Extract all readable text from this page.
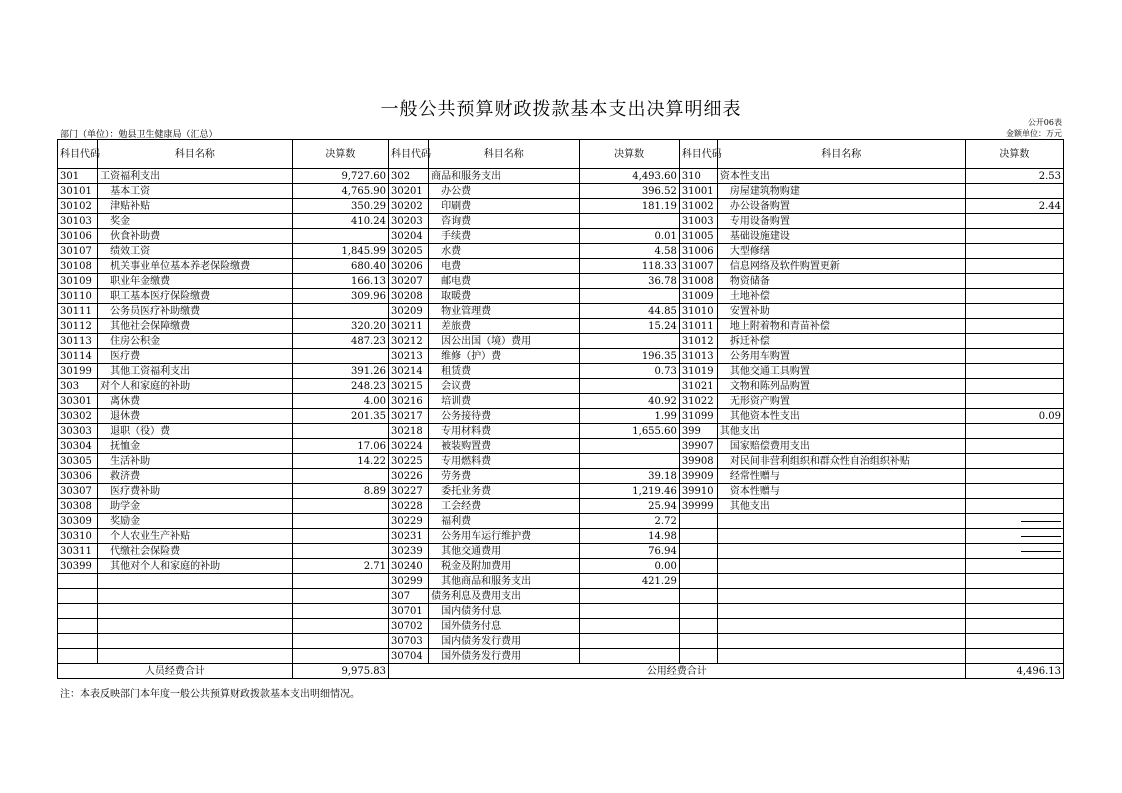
一般公共预算财政拨款基本支出决算明细表
公开06表
部门（单位）：勉县卫生健康局（汇总）	金额单位：万元
科目代码	科目名称	决算数	科目代码	科目名称	决算数	科目代码	科目名称	决算数
301	工资福利支出	9,727.60	302	商品和服务支出	4,493.60	310	资本性支出	2.53
30101	基本工资	4,765.90	30201	办公费	396.52	31001	房屋建筑物购建	
30102	津贴补贴	350.29	30202	印刷费	181.19	31002	办公设备购置	2.44
30103	奖金	410.24	30203	咨询费		31003	专用设备购置	
30106	伙食补助费		30204	手续费	0.01	31005	基础设施建设	
30107	绩效工资	1,845.99	30205	水费	4.58	31006	大型修缮	
30108	机关事业单位基本养老保险缴费	680.40	30206	电费	118.33	31007	信息网络及软件购置更新	
30109	职业年金缴费	166.13	30207	邮电费	36.78	31008	物资储备	
30110	职工基本医疗保险缴费	309.96	30208	取暖费		31009	土地补偿	
30111	公务员医疗补助缴费		30209	物业管理费	44.85	31010	安置补助	
30112	其他社会保障缴费	320.20	30211	差旅费	15.24	31011	地上附着物和青苗补偿	
30113	住房公积金	487.23	30212	因公出国（境）费用		31012	拆迁补偿	
30114	医疗费		30213	维修（护）费	196.35	31013	公务用车购置	
30199	其他工资福利支出	391.26	30214	租赁费	0.73	31019	其他交通工具购置	
303	对个人和家庭的补助	248.23	30215	会议费		31021	文物和陈列品购置	
30301	离休费	4.00	30216	培训费	40.92	31022	无形资产购置	
30302	退休费	201.35	30217	公务接待费	1.99	31099	其他资本性支出	0.09
30303	退职（役）费		30218	专用材料费	1,655.60	399	其他支出	
30304	抚恤金	17.06	30224	被装购置费		39907	国家赔偿费用支出	
30305	生活补助	14.22	30225	专用燃料费		39908	对民间非营利组织和群众性自治组织补贴	
30306	救济费		30226	劳务费	39.18	39909	经常性赠与	
30307	医疗费补助	8.89	30227	委托业务费	1,219.46	39910	资本性赠与	
30308	助学金		30228	工会经费	25.94	39999	其他支出	
30309	奖励金		30229	福利费	2.72			
30310	个人农业生产补贴		30231	公务用车运行维护费	14.98			
30311	代缴社会保险费		30239	其他交通费用	76.94			
30399	其他对个人和家庭的补助	2.71	30240	税金及附加费用	0.00			
			30299	其他商品和服务支出	421.29			
			307	债务利息及费用支出				
			30701	国内债务付息				
			30702	国外债务付息				
			30703	国内债务发行费用				
			30704	国外债务发行费用				
人员经费合计		9,975.83	公用经费合计					4,496.13
注：本表反映部门本年度一般公共预算财政拨款基本支出明细情况。
